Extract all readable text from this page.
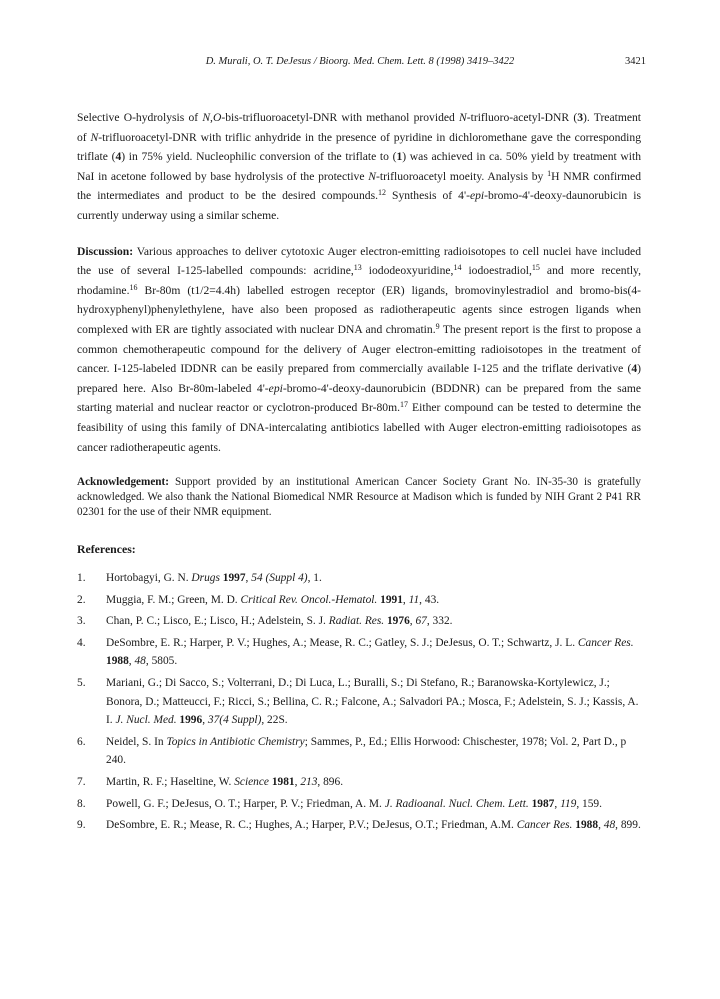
D. Murali, O. T. DeJesus / Bioorg. Med. Chem. Lett. 8 (1998) 3419–3422	3421

Selective O-hydrolysis of N,O-bis-trifluoroacetyl-DNR with methanol provided N-trifluoro-acetyl-DNR (3). Treatment of N-trifluoroacetyl-DNR with triflic anhydride in the presence of pyridine in dichloromethane gave the corresponding triflate (4) in 75% yield. Nucleophilic conversion of the triflate to (1) was achieved in ca. 50% yield by treatment with NaI in acetone followed by base hydrolysis of the protective N-trifluoroacetyl moeity. Analysis by $^1$H NMR confirmed the intermediates and product to be the desired compounds.$^{12}$ Synthesis of 4'-epi-bromo-4'-deoxy-daunorubicin is currently underway using a similar scheme.

Discussion: Various approaches to deliver cytotoxic Auger electron-emitting radioisotopes to cell nuclei have included the use of several I-125-labelled compounds: acridine,$^{13}$ iododeoxyuridine,$^{14}$ iodoestradiol,$^{15}$ and more recently, rhodamine.$^{16}$ Br-80m (t1/2=4.4h) labelled estrogen receptor (ER) ligands, bromovinylestradiol and bromo-bis(4-hydroxyphenyl)phenylethylene, have also been proposed as radiotherapeutic agents since estrogen ligands when complexed with ER are tightly associated with nuclear DNA and chromatin.$^9$ The present report is the first to propose a common chemotherapeutic compound for the delivery of Auger electron-emitting radioisotopes in the treatment of cancer. I-125-labeled IDDNR can be easily prepared from commercially available I-125 and the triflate derivative (4) prepared here. Also Br-80m-labeled 4'-epi-bromo-4'-deoxy-daunorubicin (BDDNR) can be prepared from the same starting material and nuclear reactor or cyclotron-produced Br-80m.$^{17}$ Either compound can be tested to determine the feasibility of using this family of DNA-intercalating antibiotics labelled with Auger electron-emitting radioisotopes as cancer radiotherapeutic agents.

Acknowledgement: Support provided by an institutional American Cancer Society Grant No. IN-35-30 is gratefully acknowledged. We also thank the National Biomedical NMR Resource at Madison which is funded by NIH Grant 2 P41 RR 02301 for the use of their NMR equipment.

References:
1. Hortobagyi, G. N. Drugs 1997, 54 (Suppl 4), 1.
2. Muggia, F. M.; Green, M. D. Critical Rev. Oncol.-Hematol. 1991, 11, 43.
3. Chan, P. C.; Lisco, E.; Lisco, H.; Adelstein, S. J. Radiat. Res. 1976, 67, 332.
4. DeSombre, E. R.; Harper, P. V.; Hughes, A.; Mease, R. C.; Gatley, S. J.; DeJesus, O. T.; Schwartz, J. L. Cancer Res. 1988, 48, 5805.
5. Mariani, G.; Di Sacco, S.; Volterrani, D.; Di Luca, L.; Buralli, S.; Di Stefano, R.; Baranowska-Kortylewicz, J.; Bonora, D.; Matteucci, F.; Ricci, S.; Bellina, C. R.; Falcone, A.; Salvadori PA.; Mosca, F.; Adelstein, S. J.; Kassis, A. I. J. Nucl. Med. 1996, 37(4 Suppl), 22S.
6. Neidel, S. In Topics in Antibiotic Chemistry; Sammes, P., Ed.; Ellis Horwood: Chischester, 1978; Vol. 2, Part D., p 240.
7. Martin, R. F.; Haseltine, W. Science 1981, 213, 896.
8. Powell, G. F.; DeJesus, O. T.; Harper, P. V.; Friedman, A. M. J. Radioanal. Nucl. Chem. Lett. 1987, 119, 159.
9. DeSombre, E. R.; Mease, R. C.; Hughes, A.; Harper, P.V.; DeJesus, O.T.; Friedman, A.M. Cancer Res. 1988, 48, 899.
